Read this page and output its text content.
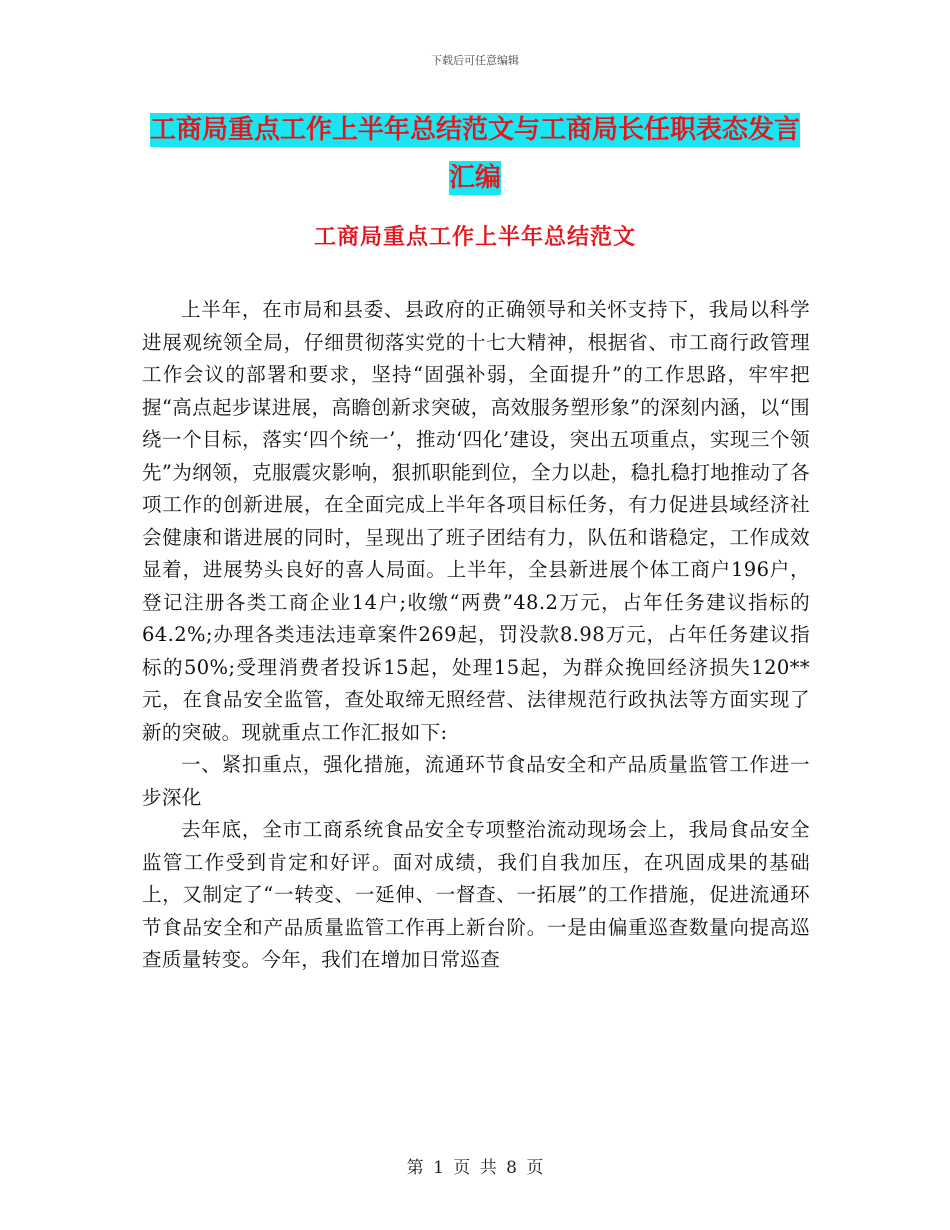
下载后可任意编辑
工商局重点工作上半年总结范文与工商局长任职表态发言汇编
工商局重点工作上半年总结范文

上半年，在市局和县委、县政府的正确领导和关怀支持下，我局以科学进展观统领全局，仔细贯彻落实党的十七大精神，根据省、市工商行政管理工作会议的部署和要求，坚持“固强补弱，全面提升”的工作思路，牢牢把握“高点起步谋进展，高瞻创新求突破，高效服务塑形象”的深刻内涵，以“围绕一个目标，落实‘四个统一’，推动‘四化’建设，突出五项重点，实现三个领先”为纲领，克服震灾影响，狠抓职能到位，全力以赴，稳扎稳打地推动了各项工作的创新进展，在全面完成上半年各项目标任务，有力促进县域经济社会健康和谐进展的同时，呈现出了班子团结有力，队伍和谐稳定，工作成效显着，进展势头良好的喜人局面。上半年，全县新进展个体工商户196户，登记注册各类工商企业14户;收缴“两费”48.2万元，占年任务建议指标的64.2%;办理各类违法违章案件269起，罚没款8.98万元，占年任务建议指标的50%;受理消费者投诉15起，处理15起，为群众挽回经济损失120**元，在食品安全监管，查处取缔无照经营、法律规范行政执法等方面实现了新的突破。现就重点工作汇报如下:

一、紧扣重点，强化措施，流通环节食品安全和产品质量监管工作进一步深化

去年底，全市工商系统食品安全专项整治流动现场会上，我局食品安全监管工作受到肯定和好评。面对成绩，我们自我加压，在巩固成果的基础上，又制定了“一转变、一延伸、一督查、一拓展”的工作措施，促进流通环节食品安全和产品质量监管工作再上新台阶。一是由偏重巡查数量向提高巡查质量转变。今年，我们在增加日常巡查

第 1 页 共 8 页
